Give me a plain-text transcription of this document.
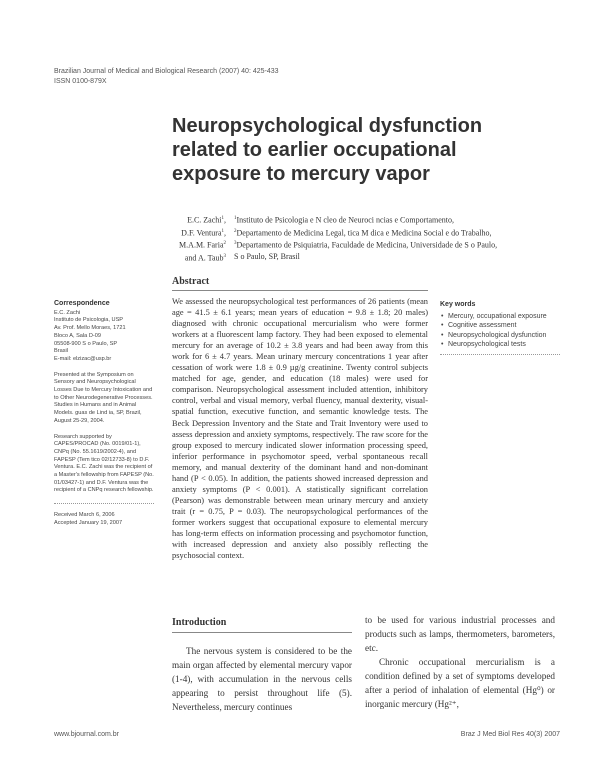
Brazilian Journal of Medical and Biological Research (2007) 40: 425-433
ISSN 0100-879X
Neuropsychological dysfunction related to earlier occupational exposure to mercury vapor
E.C. Zachi$^1$,
D.F. Ventura$^1$,
M.A.M. Faria$^2$
and A. Taub$^3$
$^1$Instituto de Psicologia e N cleo de Neuroci ncias e Comportamento,
$^2$Departamento de Medicina Legal, tica M dica e Medicina Social e do Trabalho,
$^3$Departamento de Psiquiatria, Faculdade de Medicina, Universidade de S o Paulo,
S o Paulo, SP, Brasil
Abstract
We assessed the neuropsychological test performances of 26 patients (mean age = 41.5 ± 6.1 years; mean years of education = 9.8 ± 1.8; 20 males) diagnosed with chronic occupational mercurialism who were former workers at a fluorescent lamp factory. They had been exposed to elemental mercury for an average of 10.2 ± 3.8 years and had been away from this work for 6 ± 4.7 years. Mean urinary mercury concentrations 1 year after cessation of work were 1.8 ± 0.9 µg/g creatinine. Twenty control subjects matched for age, gender, and education (18 males) were used for comparison. Neuropsychological assessment included attention, inhibitory control, verbal and visual memory, verbal fluency, manual dexterity, visual-spatial function, executive function, and semantic knowledge tests. The Beck Depression Inventory and the State and Trait Inventory were used to assess depression and anxiety symptoms, respectively. The raw score for the group exposed to mercury indicated slower information processing speed, inferior performance in psychomotor speed, verbal spontaneous recall memory, and manual dexterity of the dominant hand and non-dominant hand (P < 0.05). In addition, the patients showed increased depression and anxiety symptoms (P < 0.001). A statistically significant correlation (Pearson) was demonstrable between mean urinary mercury and anxiety trait (r = 0.75, P = 0.03). The neuropsychological performances of the former workers suggest that occupational exposure to elemental mercury has long-term effects on information processing and psychomotor function, with increased depression and anxiety also possibly reflecting the psychosocial context.
Correspondence
E.C. Zachi
Instituto de Psicologia, USP
Av. Prof. Mello Moraes, 1721
Bloco A, Sala D-09
05508-900 S o Paulo, SP
Brasil
E-mail: elzizac@usp.br
Presented at the Symposium on Sensory and Neuropsychological Losses Due to Mercury Intoxication and to Other Neurodegenerative Processes. Studies in Humans and in Animal Models. guas de Lind ia, SP, Brazil, August 25-29, 2004.
Research supported by CAPES/PROCAD (No. 0019/01-1), CNPq (No. 55.1619/2002-4), and FAPESP (Tem tico 02/12733-8) to D.F. Ventura. E.C. Zachi was the recipient of a Master's fellowship from FAPESP (No. 01/03427-1) and D.F. Ventura was the recipient of a CNPq research fellowship.
Received March 6, 2006
Accepted January 19, 2007
Key words
• Mercury, occupational exposure
• Cognitive assessment
• Neuropsychological dysfunction
• Neuropsychological tests
Introduction

The nervous system is considered to be the main organ affected by elemental mercury vapor (1-4), with accumulation in the nervous cells appearing to persist throughout life (5). Nevertheless, mercury continues

to be used for various industrial processes and products such as lamps, thermometers, barometers, etc.

Chronic occupational mercurialism is a condition defined by a set of symptoms developed after a period of inhalation of elemental (Hg⁰) or inorganic mercury (Hg²⁺,

www.bjournal.com.br	Braz J Med Biol Res 40(3) 2007
